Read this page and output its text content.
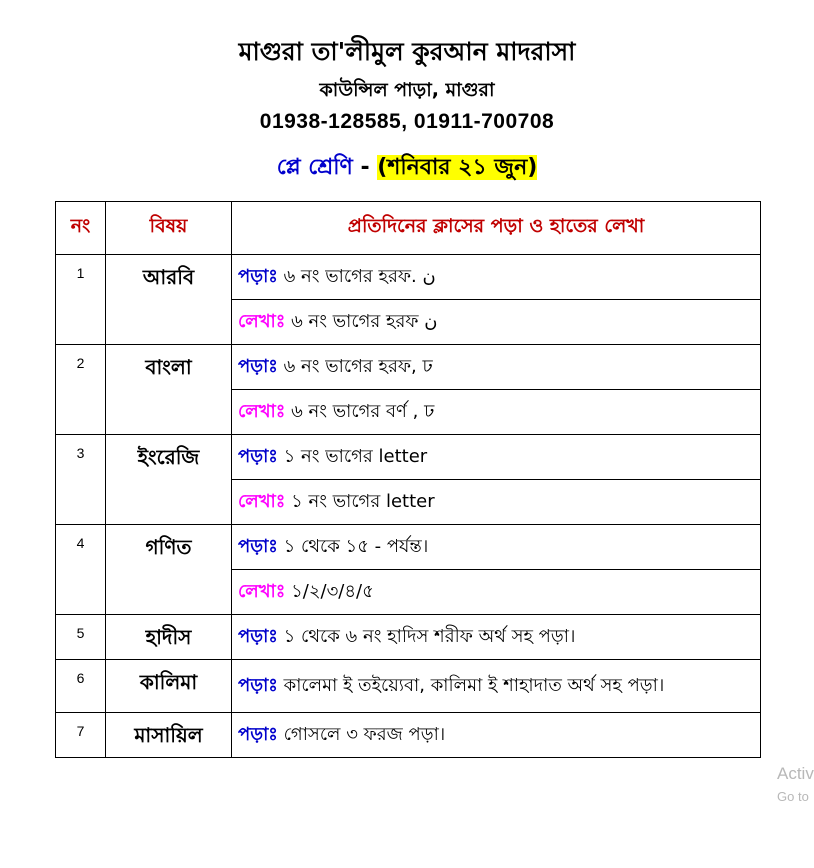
মাগুরা তা'লীমুল কুরআন মাদরাসা
কাউন্সিল পাড়া, মাগুরা
01938-128585, 01911-700708
প্লে শ্রেণি - (শনিবার ২১ জুন)
নং	বিষয়	প্রতিদিনের ক্লাসের পড়া ও হাতের লেখা
1	আরবি	পড়াঃ ৬ নং ভাগের হরফ. ن
		লেখাঃ ৬ নং ভাগের হরফ ن
2	বাংলা	পড়াঃ ৬ নং ভাগের হরফ, ঢ
		লেখাঃ ৬ নং ভাগের বর্ণ , ঢ
3	ইংরেজি	পড়াঃ ১ নং ভাগের letter
		লেখাঃ ১ নং ভাগের letter
4	গণিত	পড়াঃ ১ থেকে ১৫ - পর্যন্ত।
		লেখাঃ ১/২/৩/৪/৫
5	হাদীস	পড়াঃ ১ থেকে ৬ নং হাদিস শরীফ অর্থ সহ পড়া।
6	কালিমা	পড়াঃ কালেমা ই তইয়্যেবা, কালিমা ই শাহাদাত অর্থ সহ পড়া।
7	মাসায়িল	পড়াঃ গোসলে ৩ ফরজ পড়া।
Activ
Go to
